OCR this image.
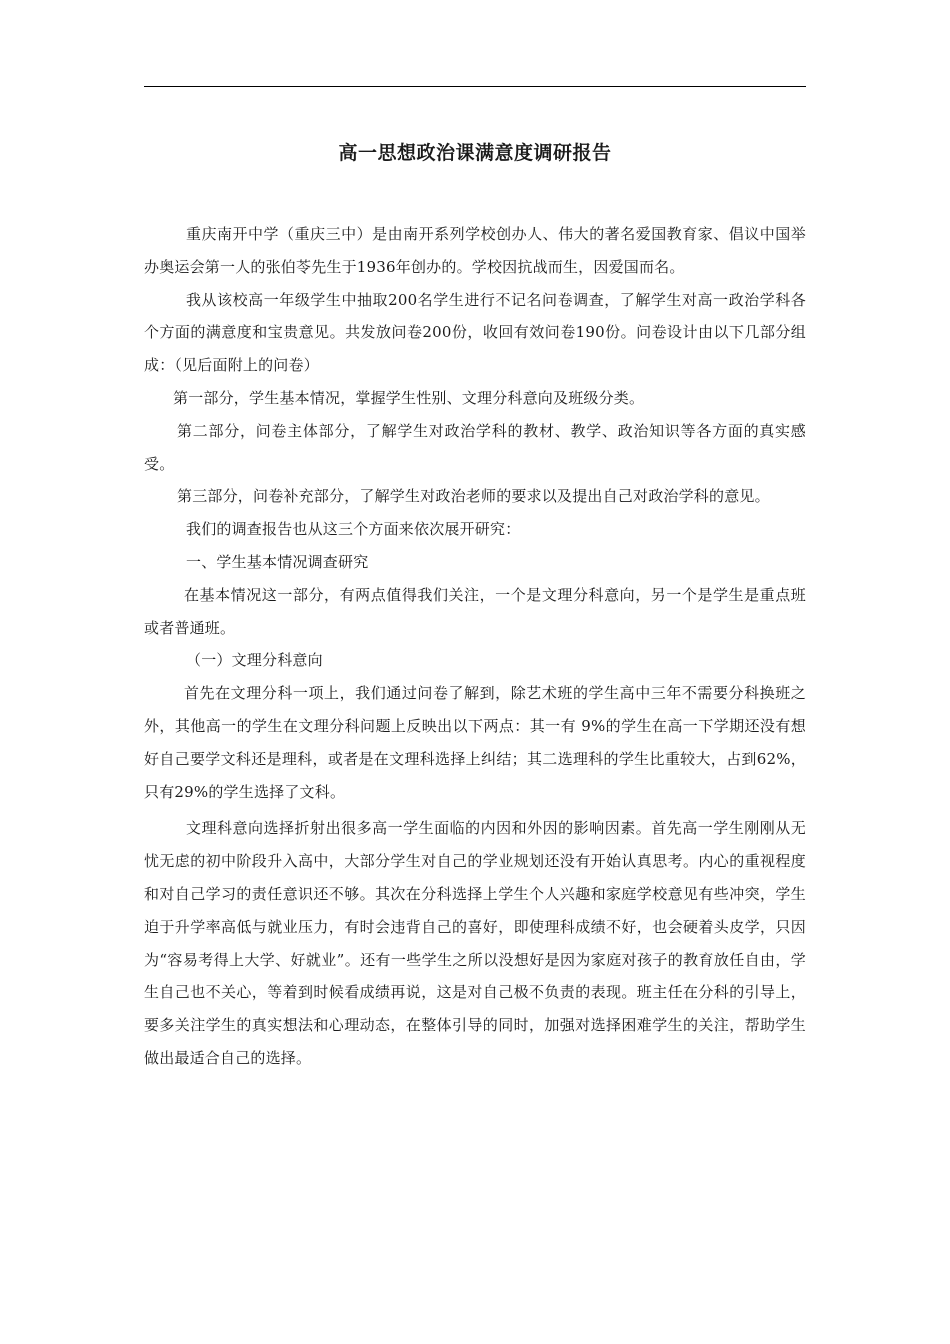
高一思想政治课满意度调研报告

重庆南开中学（重庆三中）是由南开系列学校创办人、伟大的著名爱国教育家、倡议中国举办奥运会第一人的张伯苓先生于1936年创办的。学校因抗战而生，因爱国而名。

我从该校高一年级学生中抽取200名学生进行不记名问卷调查，了解学生对高一政治学科各个方面的满意度和宝贵意见。共发放问卷200份，收回有效问卷190份。问卷设计由以下几部分组成：（见后面附上的问卷）

第一部分，学生基本情况，掌握学生性别、文理分科意向及班级分类。

第二部分，问卷主体部分，了解学生对政治学科的教材、教学、政治知识等各方面的真实感受。

第三部分，问卷补充部分，了解学生对政治老师的要求以及提出自己对政治学科的意见。

我们的调查报告也从这三个方面来依次展开研究：

一、学生基本情况调查研究

在基本情况这一部分，有两点值得我们关注，一个是文理分科意向，另一个是学生是重点班或者普通班。

（一）文理分科意向

首先在文理分科一项上，我们通过问卷了解到，除艺术班的学生高中三年不需要分科换班之外，其他高一的学生在文理分科问题上反映出以下两点：其一有 9%的学生在高一下学期还没有想好自己要学文科还是理科，或者是在文理科选择上纠结；其二选理科的学生比重较大，占到62%，只有29%的学生选择了文科。

文理科意向选择折射出很多高一学生面临的内因和外因的影响因素。首先高一学生刚刚从无忧无虑的初中阶段升入高中，大部分学生对自己的学业规划还没有开始认真思考。内心的重视程度和对自己学习的责任意识还不够。其次在分科选择上学生个人兴趣和家庭学校意见有些冲突，学生迫于升学率高低与就业压力，有时会违背自己的喜好，即使理科成绩不好，也会硬着头皮学，只因为“容易考得上大学、好就业”。还有一些学生之所以没想好是因为家庭对孩子的教育放任自由，学生自己也不关心，等着到时候看成绩再说，这是对自己极不负责的表现。班主任在分科的引导上，要多关注学生的真实想法和心理动态，在整体引导的同时，加强对选择困难学生的关注，帮助学生做出最适合自己的选择。
